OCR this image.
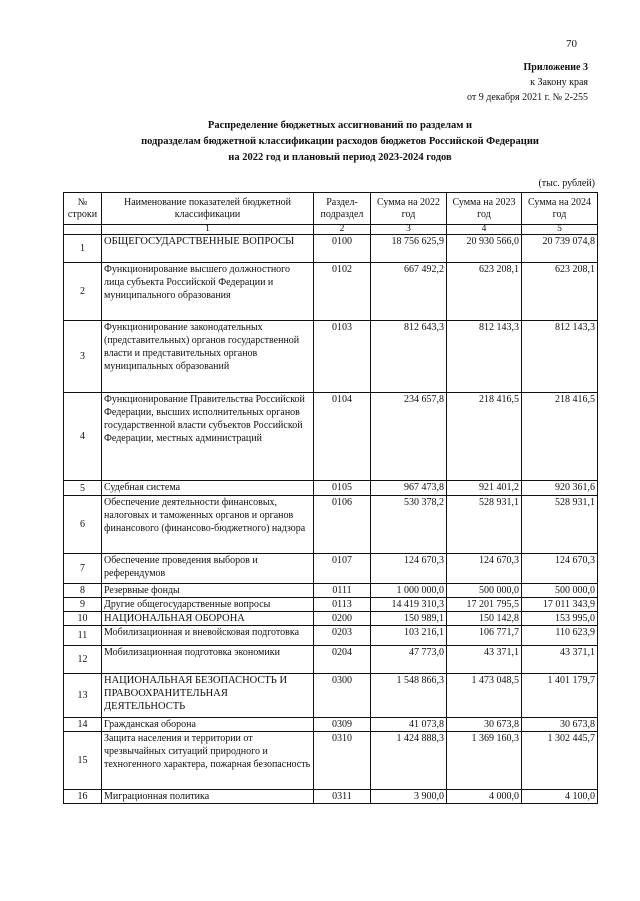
70
Приложение 3
к Закону края
от 9 декабря 2021 г. № 2-255
Распределение бюджетных ассигнований по разделам и
подразделам бюджетной классификации расходов бюджетов Российской Федерации
на 2022 год и плановый период 2023-2024 годов
(тыс. рублей)
№ строки	Наименование показателей бюджетной классификации	Раздел-подраздел	Сумма на 2022 год	Сумма на 2023 год	Сумма на 2024 год
	1	2	3	4	5
1	ОБЩЕГОСУДАРСТВЕННЫЕ ВОПРОСЫ	0100	18 756 625,9	20 930 566,0	20 739 074,8
2	Функционирование высшего должностного лица субъекта Российской Федерации и муниципального образования	0102	667 492,2	623 208,1	623 208,1
3	Функционирование законодательных (представительных) органов государственной власти и представительных органов муниципальных образований	0103	812 643,3	812 143,3	812 143,3
4	Функционирование Правительства Российской Федерации, высших исполнительных органов государственной власти субъектов Российской Федерации, местных администраций	0104	234 657,8	218 416,5	218 416,5
5	Судебная система	0105	967 473,8	921 401,2	920 361,6
6	Обеспечение деятельности финансовых, налоговых и таможенных органов и органов финансового (финансово-бюджетного) надзора	0106	530 378,2	528 931,1	528 931,1
7	Обеспечение проведения выборов и референдумов	0107	124 670,3	124 670,3	124 670,3
8	Резервные фонды	0111	1 000 000,0	500 000,0	500 000,0
9	Другие общегосударственные вопросы	0113	14 419 310,3	17 201 795,5	17 011 343,9
10	НАЦИОНАЛЬНАЯ ОБОРОНА	0200	150 989,1	150 142,8	153 995,0
11	Мобилизационная и вневойсковая подготовка	0203	103 216,1	106 771,7	110 623,9
12	Мобилизационная подготовка экономики	0204	47 773,0	43 371,1	43 371,1
13	НАЦИОНАЛЬНАЯ БЕЗОПАСНОСТЬ И ПРАВООХРАНИТЕЛЬНАЯ ДЕЯТЕЛЬНОСТЬ	0300	1 548 866,3	1 473 048,5	1 401 179,7
14	Гражданская оборона	0309	41 073,8	30 673,8	30 673,8
15	Защита населения и территории от чрезвычайных ситуаций природного и техногенного характера, пожарная безопасность	0310	1 424 888,3	1 369 160,3	1 302 445,7
16	Миграционная политика	0311	3 900,0	4 000,0	4 100,0
